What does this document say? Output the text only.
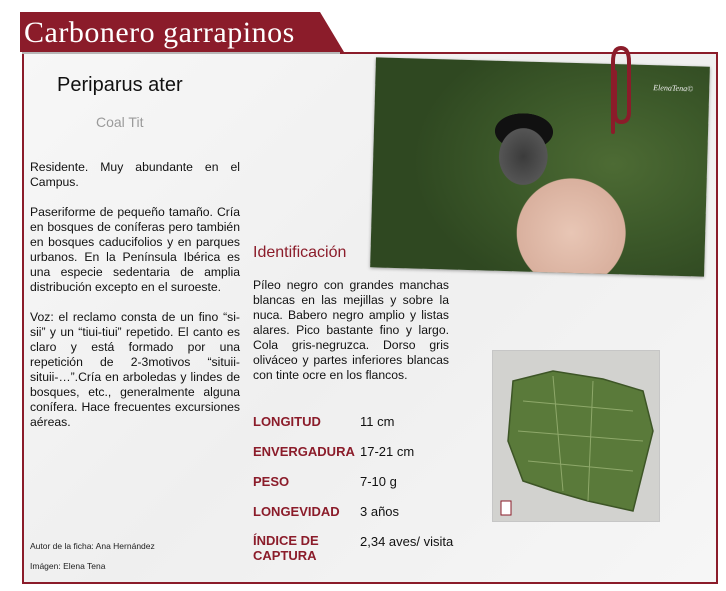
Carbonero garrapinos
Periparus ater
Coal Tit

Residente. Muy abundante en el Campus.

Paseriforme de pequeño tamaño. Cría en bosques de coníferas pero también en bosques caducifolios y en parques urbanos. En la Península Ibérica es una especie sedentaria de amplia distribución excepto en el suroeste.

Voz: el reclamo consta de un fino “si-sii” y un “tiui-tiui” repetido. El canto es claro y está formado por una repetición de 2-3motivos “situii-situii-…”.Cría en arboledas y lindes de bosques, etc., generalmente alguna conífera. Hace frecuentes excursiones aéreas.

Autor de la ficha: Ana Hernández
Imágen: Elena Tena
ElenaTena©
Identificación
Píleo negro con grandes manchas blancas en las mejillas y sobre la nuca. Babero negro amplio y listas alares. Pico bastante fino y largo. Cola gris-negruzca. Dorso gris oliváceo y partes inferiores blancas con tinte ocre en los flancos.
LONGITUD	11 cm
ENVERGADURA 17-21 cm
PESO	7-10 g
LONGEVIDAD 3 años
ÍNDICE DE CAPTURA
2,34 aves/ visita
